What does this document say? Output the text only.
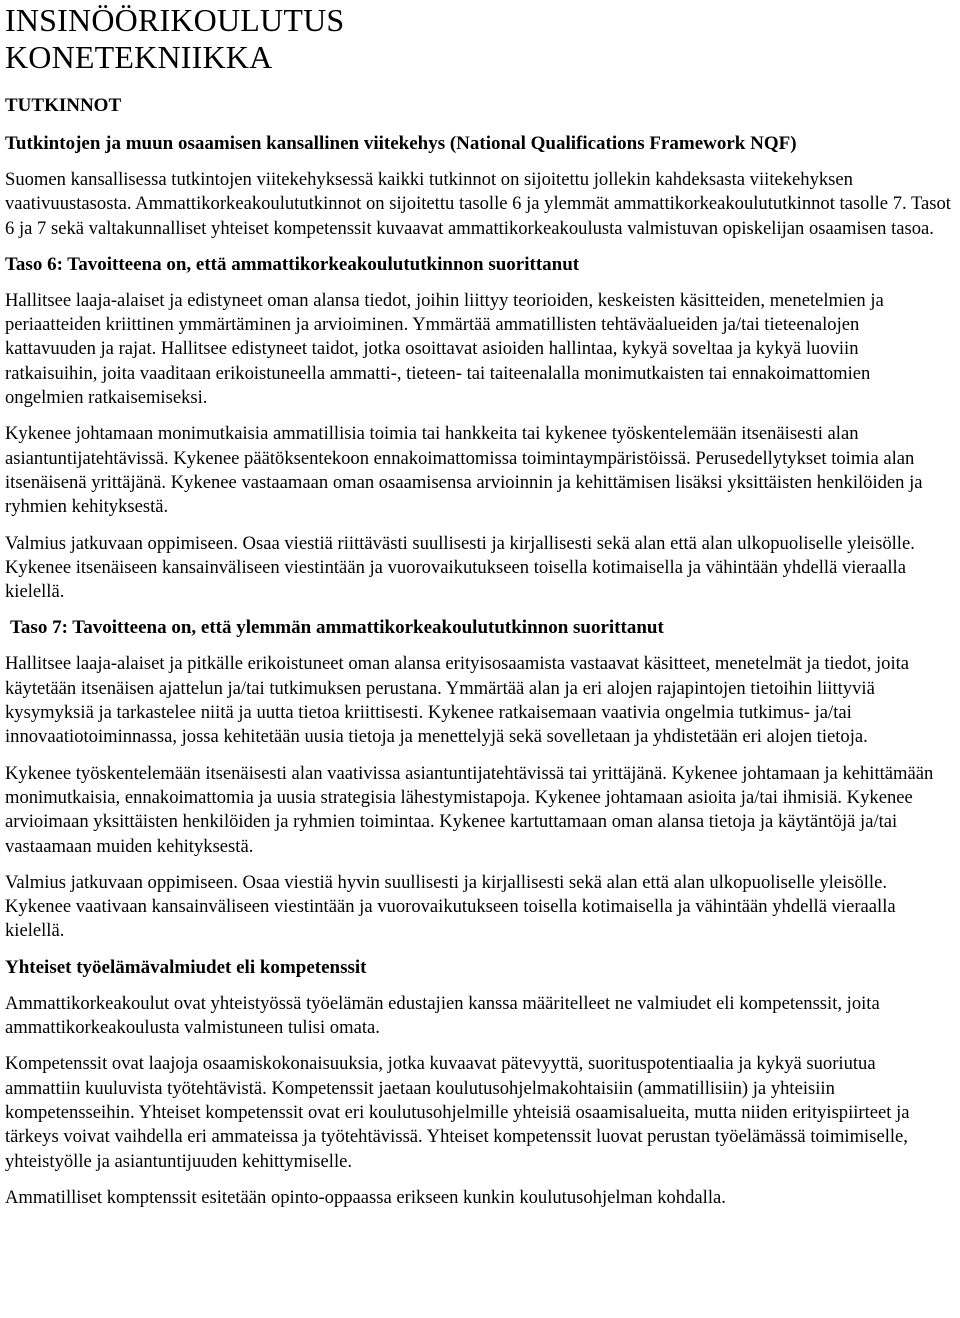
INSINÖÖRIKOULUTUS
KONETEKNIIKKA
TUTKINNOT
Tutkintojen ja muun osaamisen kansallinen viitekehys (National Qualifications Framework NQF)

Suomen kansallisessa tutkintojen viitekehyksessä kaikki tutkinnot on sijoitettu jollekin kahdeksasta viitekehyksen vaativuustasosta. Ammattikorkeakoulututkinnot on sijoitettu tasolle 6 ja ylemmät ammattikorkeakoulututkinnot tasolle 7. Tasot 6 ja 7 sekä valtakunnalliset yhteiset kompetenssit kuvaavat ammattikorkeakoulusta valmistuvan opiskelijan osaamisen tasoa.

Taso 6: Tavoitteena on, että ammattikorkeakoulututkinnon suorittanut

Hallitsee laaja-alaiset ja edistyneet oman alansa tiedot, joihin liittyy teorioiden, keskeisten käsitteiden, menetelmien ja periaatteiden kriittinen ymmärtäminen ja arvioiminen. Ymmärtää ammatillisten tehtäväalueiden ja/tai tieteenalojen kattavuuden ja rajat. Hallitsee edistyneet taidot, jotka osoittavat asioiden hallintaa, kykyä soveltaa ja kykyä luoviin ratkaisuihin, joita vaaditaan erikoistuneella ammatti-, tieteen- tai taiteenalalla monimutkaisten tai ennakoimattomien ongelmien ratkaisemiseksi.

Kykenee johtamaan monimutkaisia ammatillisia toimia tai hankkeita tai kykenee työskentelemään itsenäisesti alan asiantuntijatehtävissä. Kykenee päätöksentekoon ennakoimattomissa toimintaympäristöissä. Perusedellytykset toimia alan itsenäisenä yrittäjänä. Kykenee vastaamaan oman osaamisensa arvioinnin ja kehittämisen lisäksi yksittäisten henkilöiden ja ryhmien kehityksestä.

Valmius jatkuvaan oppimiseen. Osaa viestiä riittävästi suullisesti ja kirjallisesti sekä alan että alan ulkopuoliselle yleisölle. Kykenee itsenäiseen kansainväliseen viestintään ja vuorovaikutukseen toisella kotimaisella ja vähintään yhdellä vieraalla kielellä.

Taso 7: Tavoitteena on, että ylemmän ammattikorkeakoulututkinnon suorittanut

Hallitsee laaja-alaiset ja pitkälle erikoistuneet oman alansa erityisosaamista vastaavat käsitteet, menetelmät ja tiedot, joita käytetään itsenäisen ajattelun ja/tai tutkimuksen perustana. Ymmärtää alan ja eri alojen rajapintojen tietoihin liittyviä kysymyksiä ja tarkastelee niitä ja uutta tietoa kriittisesti. Kykenee ratkaisemaan vaativia ongelmia tutkimus- ja/tai innovaatiotoiminnassa, jossa kehitetään uusia tietoja ja menettelyjä sekä sovelletaan ja yhdistetään eri alojen tietoja.

Kykenee työskentelemään itsenäisesti alan vaativissa asiantuntijatehtävissä tai yrittäjänä. Kykenee johtamaan ja kehittämään monimutkaisia, ennakoimattomia ja uusia strategisia lähestymistapoja. Kykenee johtamaan asioita ja/tai ihmisiä. Kykenee arvioimaan yksittäisten henkilöiden ja ryhmien toimintaa. Kykenee kartuttamaan oman alansa tietoja ja käytäntöjä ja/tai vastaamaan muiden kehityksestä.

Valmius jatkuvaan oppimiseen. Osaa viestiä hyvin suullisesti ja kirjallisesti sekä alan että alan ulkopuoliselle yleisölle. Kykenee vaativaan kansainväliseen viestintään ja vuorovaikutukseen toisella kotimaisella ja vähintään yhdellä vieraalla kielellä.

Yhteiset työelämävalmiudet eli kompetenssit

Ammattikorkeakoulut ovat yhteistyössä työelämän edustajien kanssa määritelleet ne valmiudet eli kompetenssit, joita ammattikorkeakoulusta valmistuneen tulisi omata.

Kompetenssit ovat laajoja osaamiskokonaisuuksia, jotka kuvaavat pätevyyttä, suorituspotentiaalia ja kykyä suoriutua ammattiin kuuluvista työtehtävistä. Kompetenssit jaetaan koulutusohjelmakohtaisiin (ammatillisiin) ja yhteisiin kompetensseihin. Yhteiset kompetenssit ovat eri koulutusohjelmille yhteisiä osaamisalueita, mutta niiden erityispiirteet ja tärkeys voivat vaihdella eri ammateissa ja työtehtävissä. Yhteiset kompetenssit luovat perustan työelämässä toimimiselle, yhteistyölle ja asiantuntijuuden kehittymiselle.

Ammatilliset komptenssit esitetään opinto-oppaassa erikseen kunkin koulutusohjelman kohdalla.
